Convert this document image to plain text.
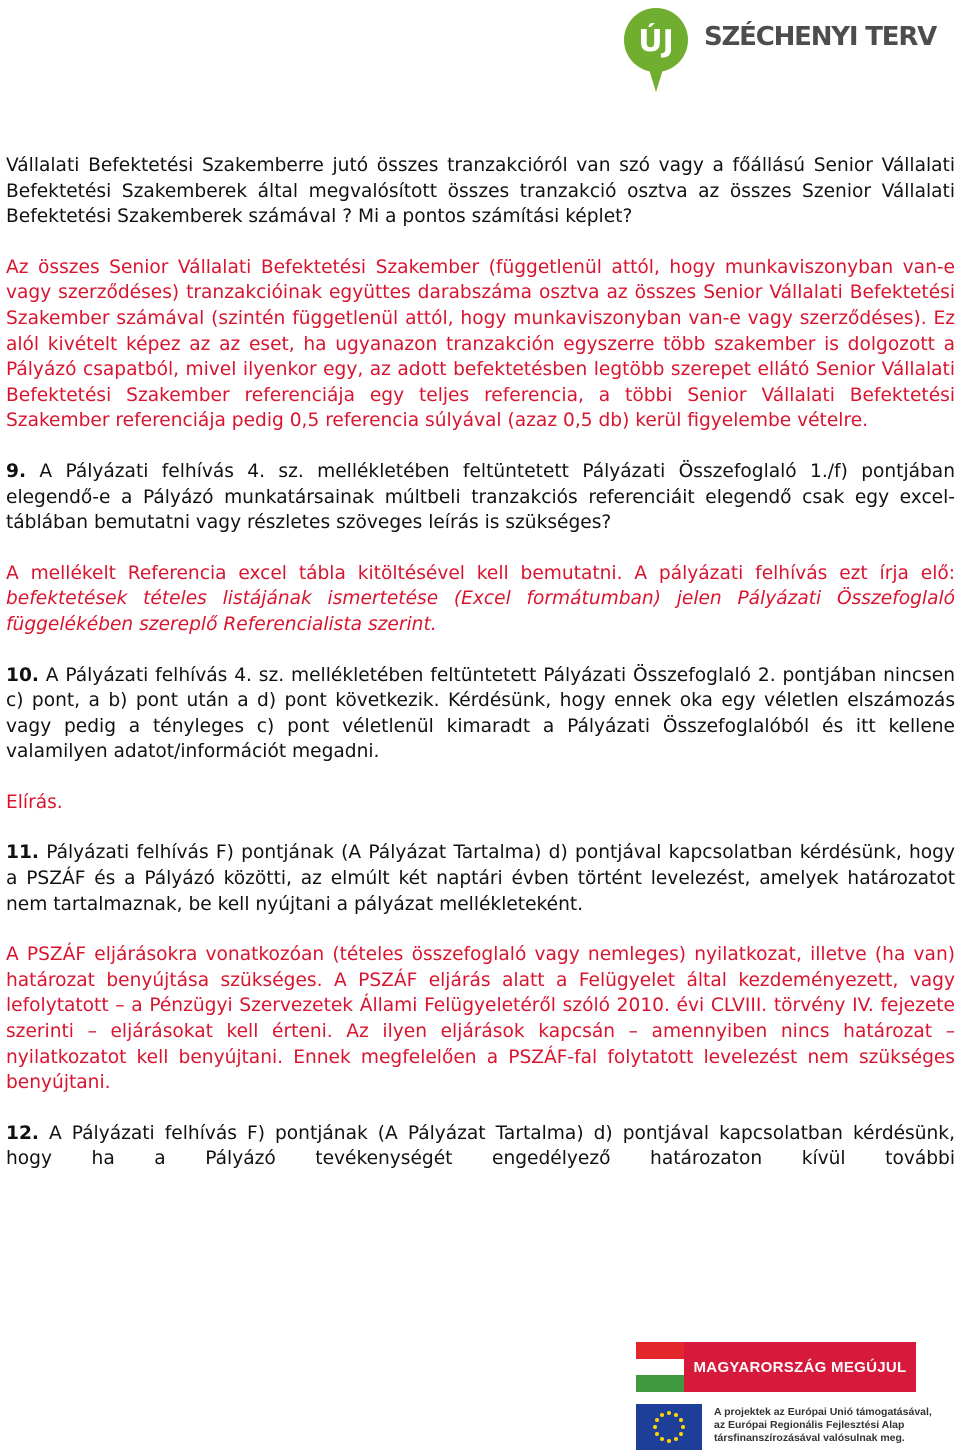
ÚJ SZÉCHENYI TERV

Vállalati Befektetési Szakemberre jutó összes tranzakcióról van szó vagy a főállású Senior Vállalati Befektetési Szakemberek által megvalósított összes tranzakció osztva az összes Szenior Vállalati Befektetési Szakemberek számával ? Mi a pontos számítási képlet?

Az összes Senior Vállalati Befektetési Szakember (függetlenül attól, hogy munkaviszonyban van-e vagy szerződéses) tranzakcióinak együttes darabszáma osztva az összes Senior Vállalati Befektetési Szakember számával (szintén függetlenül attól, hogy munkaviszonyban van-e vagy szerződéses). Ez alól kivételt képez az az eset, ha ugyanazon tranzakción egyszerre több szakember is dolgozott a Pályázó csapatból, mivel ilyenkor egy, az adott befektetésben legtöbb szerepet ellátó Senior Vállalati Befektetési Szakember referenciája egy teljes referencia, a többi Senior Vállalati Befektetési Szakember referenciája pedig 0,5 referencia súlyával (azaz 0,5 db) kerül figyelembe vételre.

9. A Pályázati felhívás 4. sz. mellékletében feltüntetett Pályázati Összefoglaló 1./f) pontjában elegendő-e a Pályázó munkatársainak múltbeli tranzakciós referenciáit elegendő csak egy excel-táblában bemutatni vagy részletes szöveges leírás is szükséges?

A mellékelt Referencia excel tábla kitöltésével kell bemutatni. A pályázati felhívás ezt írja elő: befektetések tételes listájának ismertetése (Excel formátumban) jelen Pályázati Összefoglaló függelékében szereplő Referencialista szerint.

10. A Pályázati felhívás 4. sz. mellékletében feltüntetett Pályázati Összefoglaló 2. pontjában nincsen c) pont, a b) pont után a d) pont következik. Kérdésünk, hogy ennek oka egy véletlen elszámozás vagy pedig a tényleges c) pont véletlenül kimaradt a Pályázati Összefoglalóból és itt kellene valamilyen adatot/információt megadni.

Elírás.

11. Pályázati felhívás F) pontjának (A Pályázat Tartalma) d) pontjával kapcsolatban kérdésünk, hogy a PSZÁF és a Pályázó közötti, az elmúlt két naptári évben történt levelezést, amelyek határozatot nem tartalmaznak, be kell nyújtani a pályázat mellékleteként.

A PSZÁF eljárásokra vonatkozóan (tételes összefoglaló vagy nemleges) nyilatkozat, illetve (ha van) határozat benyújtása szükséges. A PSZÁF eljárás alatt a Felügyelet által kezdeményezett, vagy lefolytatott – a Pénzügyi Szervezetek Állami Felügyeletéről szóló 2010. évi CLVIII. törvény IV. fejezete szerinti – eljárásokat kell érteni. Az ilyen eljárások kapcsán – amennyiben nincs határozat – nyilatkozatot kell benyújtani. Ennek megfelelően a PSZÁF-fal folytatott levelezést nem szükséges benyújtani.

12. A Pályázati felhívás F) pontjának (A Pályázat Tartalma) d) pontjával kapcsolatban kérdésünk, hogy ha a Pályázó tevékenységét engedélyező határozaton kívül további

MAGYARORSZÁG MEGÚJUL
A projektek az Európai Unió támogatásával,
az Európai Regionális Fejlesztési Alap
társfinanszírozásával valósulnak meg.
